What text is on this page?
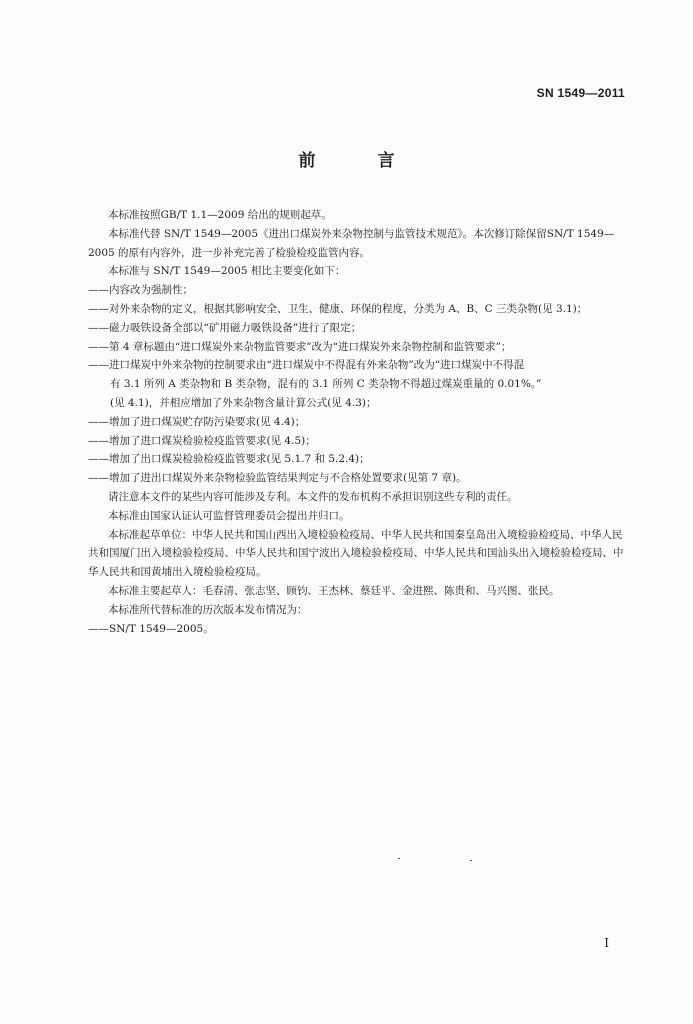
SN 1549—2011
前 言

本标准按照GB/T 1.1—2009 给出的规则起草。

本标准代替 SN/T 1549—2005《进出口煤炭外来杂物控制与监管技术规范》。本次修订除保留SN/T 1549—2005 的原有内容外，进一步补充完善了检验检疫监管内容。

本标准与 SN/T 1549—2005 相比主要变化如下：

——内容改为强制性；

——对外来杂物的定义，根据其影响安全、卫生、健康、环保的程度，分类为 A、B、C 三类杂物(见 3.1)；

——磁力吸铁设备全部以“矿用磁力吸铁设备”进行了限定；

——第 4 章标题由“进口煤炭外来杂物监管要求”改为“进口煤炭外来杂物控制和监管要求”；

——进口煤炭中外来杂物的控制要求由“进口煤炭中不得混有外来杂物”改为“进口煤炭中不得混

有 3.1 所列 A 类杂物和 B 类杂物，混有的 3.1 所列 C 类杂物不得超过煤炭重量的 0.01%。”

(见 4.1)，并相应增加了外来杂物含量计算公式(见 4.3)；

——增加了进口煤炭贮存防污染要求(见 4.4)；

——增加了进口煤炭检验检疫监管要求(见 4.5)；

——增加了出口煤炭检验检疫监管要求(见 5.1.7 和 5.2.4)；

——增加了进出口煤炭外来杂物检验监管结果判定与不合格处置要求(见第 7 章)。

请注意本文件的某些内容可能涉及专利。本文件的发布机构不承担识别这些专利的责任。

本标准由国家认证认可监督管理委员会提出并归口。

本标准起草单位：中华人民共和国山西出入境检验检疫局、中华人民共和国秦皇岛出入境检验检疫局、中华人民共和国厦门出入境检验检疫局、中华人民共和国宁波出入境检验检疫局、中华人民共和国汕头出入境检验检疫局、中华人民共和国黄埔出入境检验检疫局。

本标准主要起草人：毛春清、张志坚、顾钧、王杰林、蔡廷平、金进熙、陈贵和、马兴图、张民。

本标准所代替标准的历次版本发布情况为：

——SN/T 1549—2005。

I
